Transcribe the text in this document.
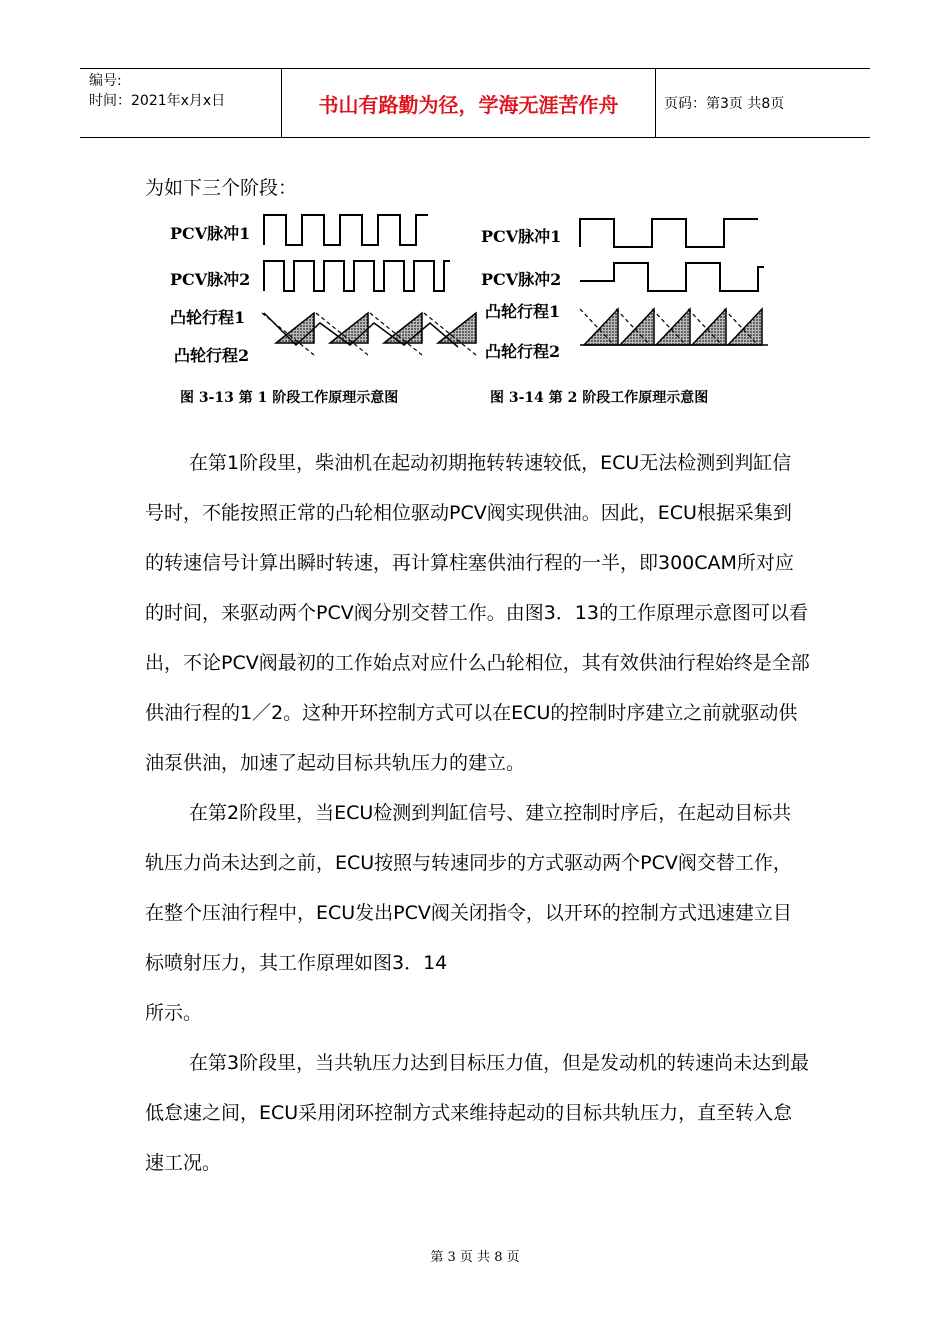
编号:
时间：2021年x月x日	书山有路勤为径，学海无涯苦作舟	页码：第3页 共8页
为如下三个阶段：
PCV脉冲1
PCV脉冲2
凸轮行程1
凸轮行程2
图 3-13 第 1 阶段工作原理示意图
PCV脉冲1
PCV脉冲2
凸轮行程1
凸轮行程2
图 3-14 第 2 阶段工作原理示意图

在第1阶段里，柴油机在起动初期拖转转速较低，ECU无法检测到判缸信号时，不能按照正常的凸轮相位驱动PCV阀实现供油。因此，ECU根据采集到的转速信号计算出瞬时转速，再计算柱塞供油行程的一半，即300CAM所对应的时间，来驱动两个PCV阀分别交替工作。由图3．13的工作原理示意图可以看出，不论PCV阀最初的工作始点对应什么凸轮相位，其有效供油行程始终是全部供油行程的1／2。这种开环控制方式可以在ECU的控制时序建立之前就驱动供油泵供油，加速了起动目标共轨压力的建立。

在第2阶段里，当ECU检测到判缸信号、建立控制时序后，在起动目标共轨压力尚未达到之前，ECU按照与转速同步的方式驱动两个PCV阀交替工作，在整个压油行程中，ECU发出PCV阀关闭指令，以开环的控制方式迅速建立目标喷射压力，其工作原理如图3．14

所示。

在第3阶段里，当共轨压力达到目标压力值，但是发动机的转速尚未达到最低怠速之间，ECU采用闭环控制方式来维持起动的目标共轨压力，直至转入怠速工况。

第 3 页 共 8 页
